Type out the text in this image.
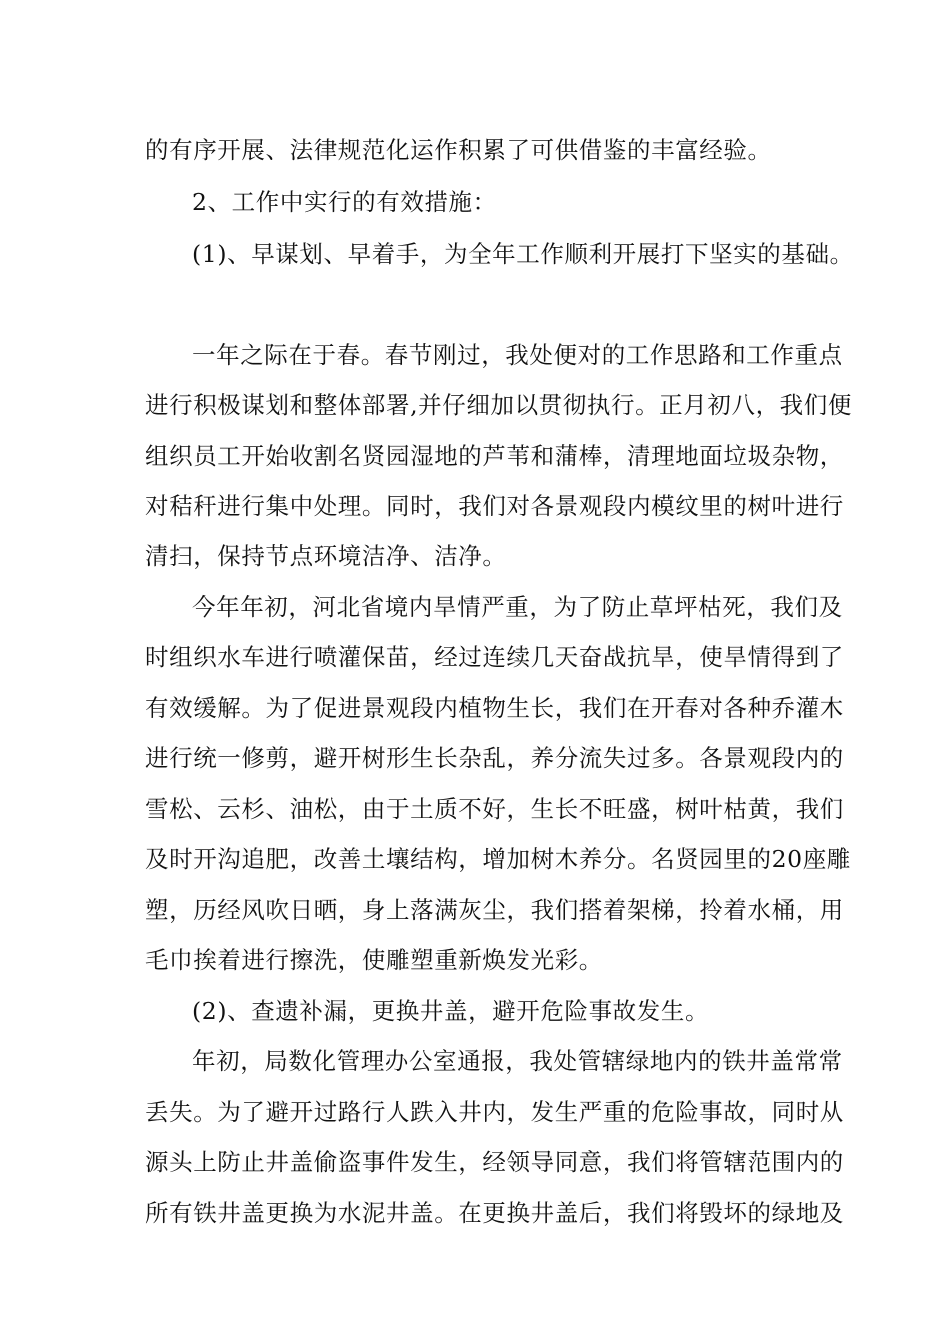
的有序开展、法律规范化运作积累了可供借鉴的丰富经验。
2、工作中实行的有效措施：
(1)、早谋划、早着手，为全年工作顺利开展打下坚实的基础。
一年之际在于春。春节刚过，我处便对的工作思路和工作重点
进行积极谋划和整体部署,并仔细加以贯彻执行。正月初八，我们便
组织员工开始收割名贤园湿地的芦苇和蒲棒，清理地面垃圾杂物，
对秸秆进行集中处理。同时，我们对各景观段内模纹里的树叶进行
清扫，保持节点环境洁净、洁净。
今年年初，河北省境内旱情严重，为了防止草坪枯死，我们及
时组织水车进行喷灌保苗，经过连续几天奋战抗旱，使旱情得到了
有效缓解。为了促进景观段内植物生长，我们在开春对各种乔灌木
进行统一修剪，避开树形生长杂乱，养分流失过多。各景观段内的
雪松、云杉、油松，由于土质不好，生长不旺盛，树叶枯黄，我们
及时开沟追肥，改善土壤结构，增加树木养分。名贤园里的20座雕
塑，历经风吹日晒，身上落满灰尘，我们搭着架梯，拎着水桶，用
毛巾挨着进行擦洗，使雕塑重新焕发光彩。
(2)、查遗补漏，更换井盖，避开危险事故发生。
年初，局数化管理办公室通报，我处管辖绿地内的铁井盖常常
丢失。为了避开过路行人跌入井内，发生严重的危险事故，同时从
源头上防止井盖偷盗事件发生，经领导同意，我们将管辖范围内的
所有铁井盖更换为水泥井盖。在更换井盖后，我们将毁坏的绿地及
